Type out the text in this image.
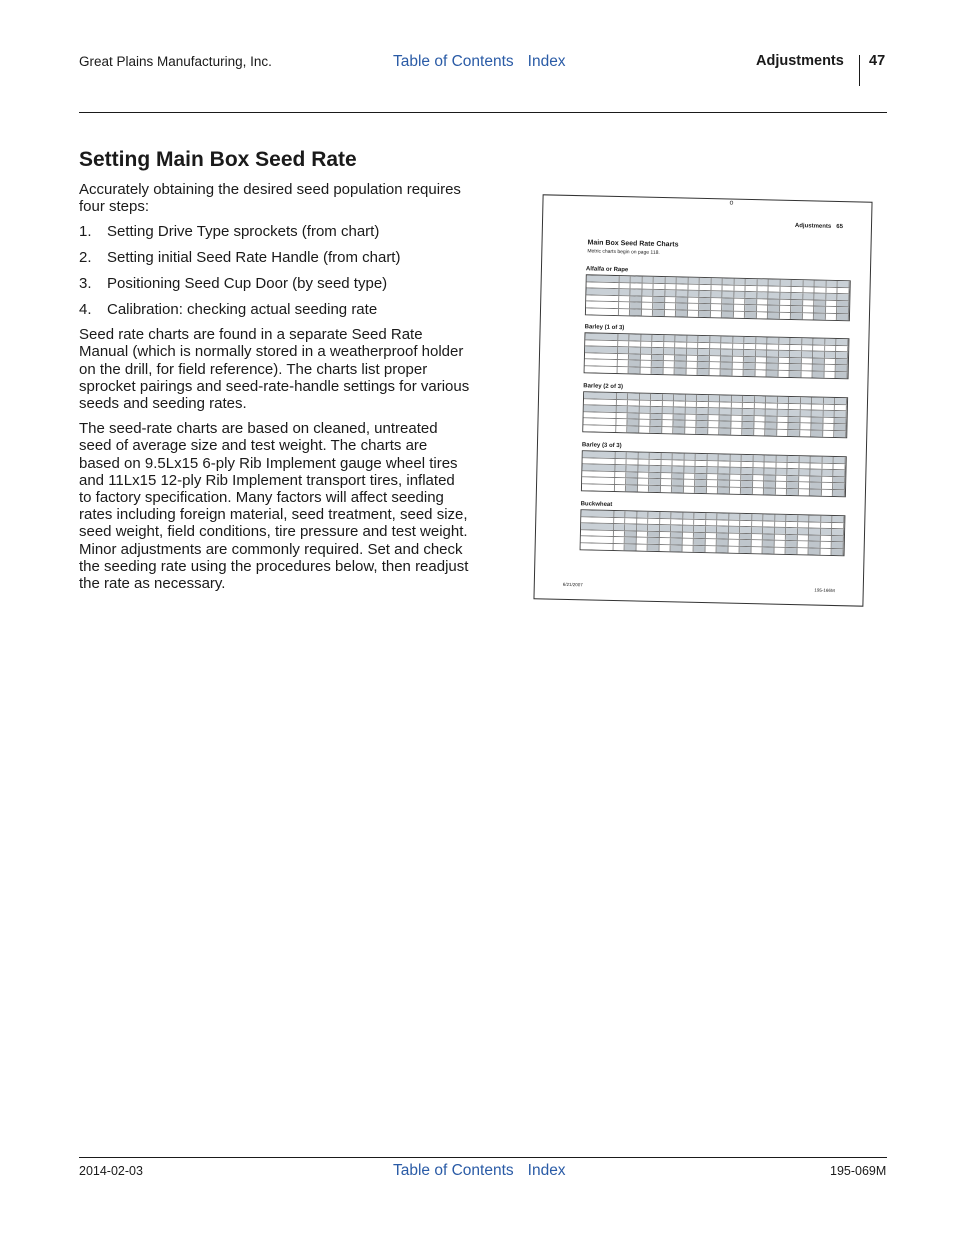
Great Plains Manufacturing, Inc.	Table of Contents Index	Adjustments 47
Setting Main Box Seed Rate

Accurately obtaining the desired seed population requires four steps:

1.	Setting Drive Type sprockets (from chart)
2.	Setting initial Seed Rate Handle (from chart)
3.	Positioning Seed Cup Door (by seed type)
4.	Calibration: checking actual seeding rate

Seed rate charts are found in a separate Seed Rate Manual (which is normally stored in a weatherproof holder on the drill, for field reference). The charts list proper sprocket pairings and seed-rate-handle settings for various seeds and seeding rates.

The seed-rate charts are based on cleaned, untreated seed of average size and test weight. The charts are based on 9.5Lx15 6-ply Rib Implement gauge wheel tires and 11Lx15 12-ply Rib Implement transport tires, inflated to factory specification. Many factors will affect seeding rates including foreign material, seed treatment, seed size, seed weight, field conditions, tire pressure and test weight. Minor adjustments are commonly required. Set and check the seeding rate using the procedures below, then readjust the rate as necessary.

o
Adjustments 65
Main Box Seed Rate Charts
Metric charts begin on page 118.
Alfalfa or Rape
Barley (1 of 3)
Barley (2 of 3)
Barley (3 of 3)
Buckwheat
6/21/2007
195-166M
2014-02-03	Table of Contents Index	195-069M
